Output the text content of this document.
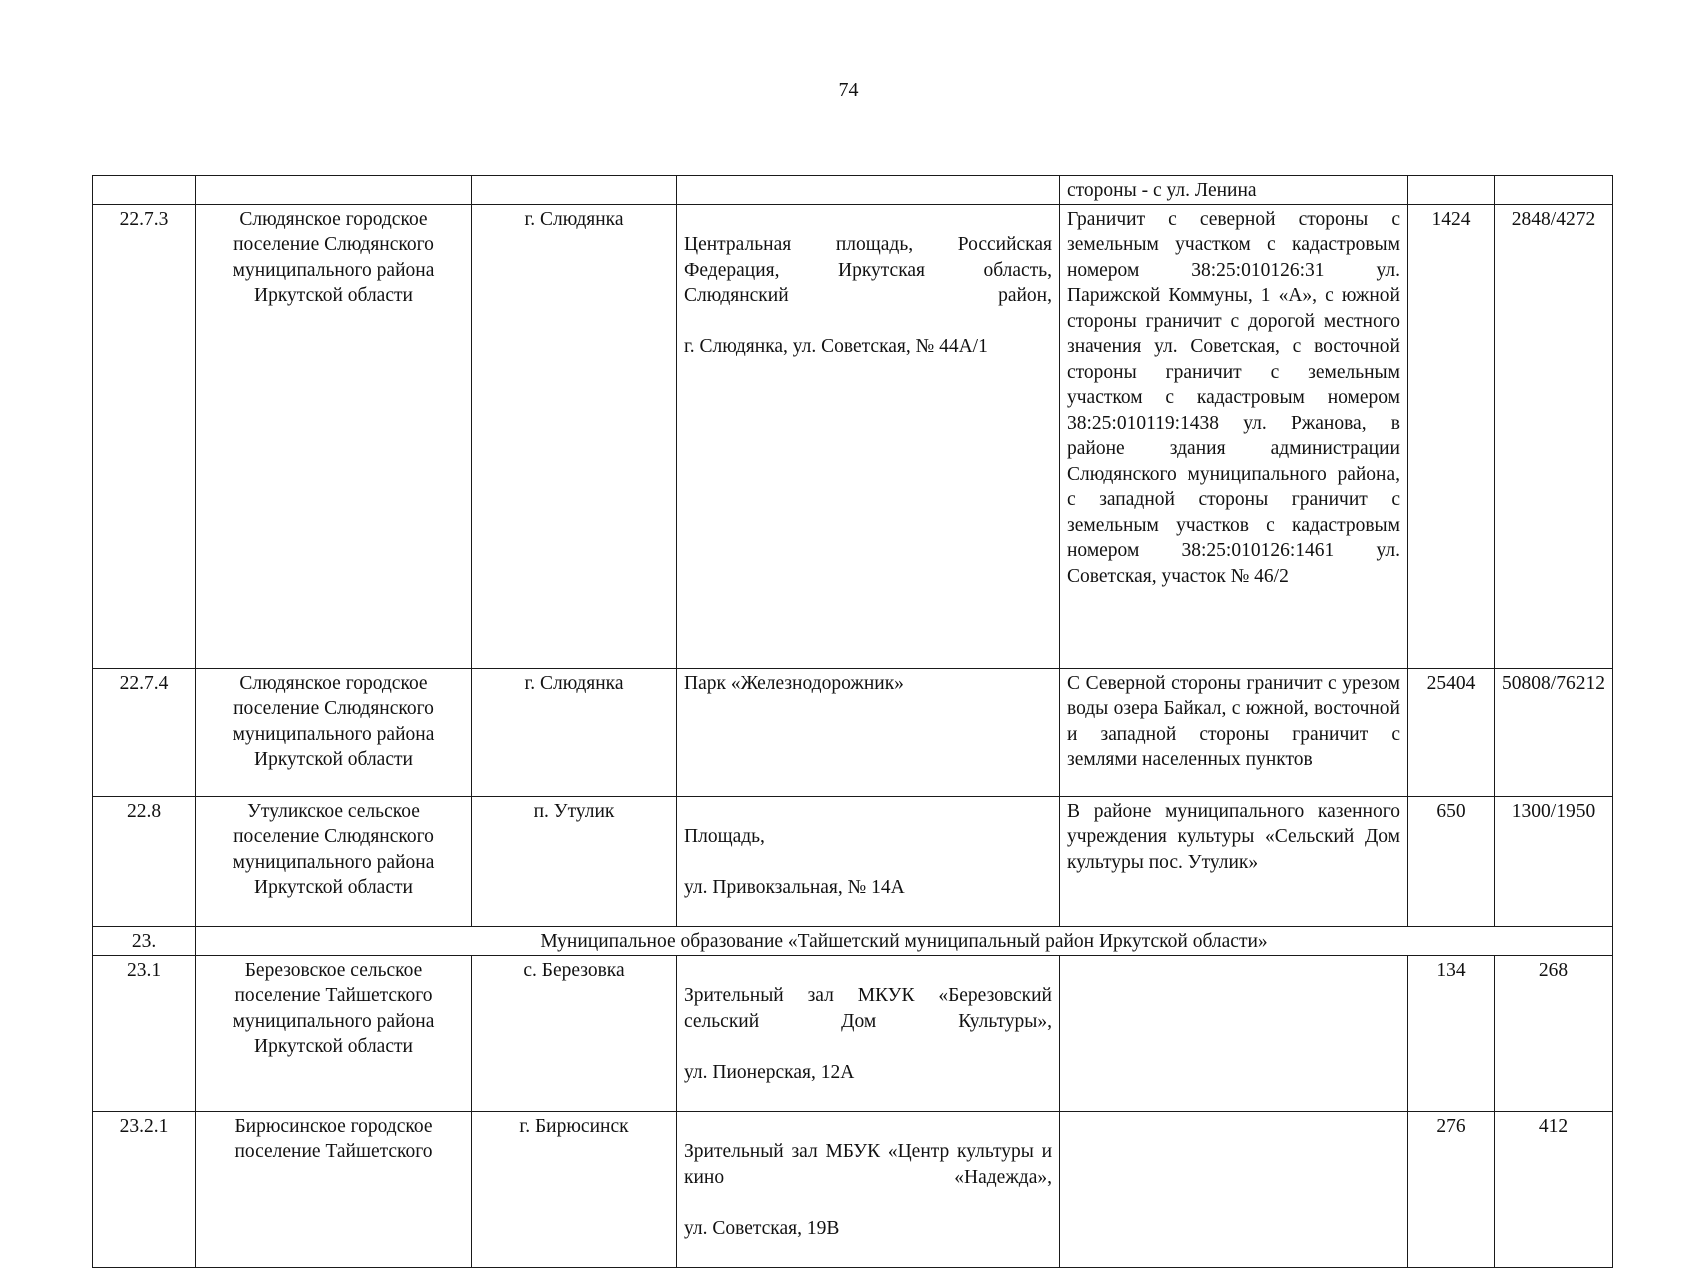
74
				стороны - с ул. Ленина		
22.7.3	Слюдянское городское поселение Слюдянского муниципального района Иркутской области	г. Слюдянка	Центральная площадь, Российская Федерация, Иркутская область, Слюдянский район,

г. Слюдянка, ул. Советская, № 44А/1	Граничит с северной стороны с земельным участком с кадастровым номером 38:25:010126:31 ул. Парижской Коммуны, 1 «А», с южной стороны граничит с дорогой местного значения ул. Советская, с восточной стороны граничит с земельным участком с кадастровым номером 38:25:010119:1438 ул. Ржанова, в районе здания администрации Слюдянского муниципального района, с западной стороны граничит с земельным участков с кадастровым номером 38:25:010126:1461 ул. Советская, участок № 46/2	1424	2848/4272
22.7.4	Слюдянское городское поселение Слюдянского муниципального района Иркутской области	г. Слюдянка	Парк «Железнодорожник»	С Северной стороны граничит с урезом воды озера Байкал, с южной, восточной и западной стороны граничит с землями населенных пунктов	25404	50808/76212
22.8	Утуликское сельское поселение Слюдянского муниципального района Иркутской области	п. Утулик	Площадь,

ул. Привокзальная, № 14А	В районе муниципального казенного учреждения культуры «Сельский Дом культуры пос. Утулик»	650	1300/1950
23.	Муниципальное образование «Тайшетский муниципальный район Иркутской области»					
23.1	Березовское сельское поселение Тайшетского муниципального района Иркутской области	с. Березовка	Зрительный зал МКУК «Березовский сельский Дом Культуры»,

ул. Пионерская, 12А		134	268
23.2.1	Бирюсинское городское поселение Тайшетского	г. Бирюсинск	Зрительный зал МБУК «Центр культуры и кино «Надежда»,

ул. Советская, 19В		276	412
